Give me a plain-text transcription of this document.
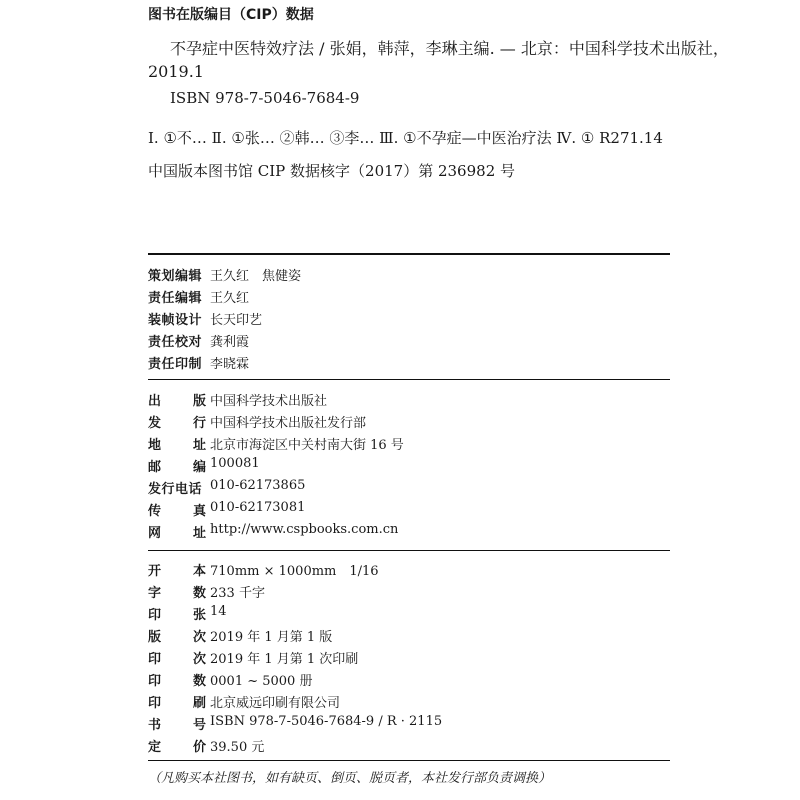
图书在版编目（CIP）数据
不孕症中医特效疗法 / 张娟，韩萍，李琳主编. — 北京：中国科学技术出版社，
2019.1
ISBN 978-7-5046-7684-9
Ⅰ. ①不… Ⅱ. ①张… ②韩… ③李… Ⅲ. ①不孕症—中医治疗法 Ⅳ. ① R271.14
中国版本图书馆 CIP 数据核字（2017）第 236982 号
策划编辑 王久红　焦健姿
责任编辑 王久红
装帧设计 长天印艺
责任校对 龚利霞
责任印制 李晓霖
出 版 中国科学技术出版社
发 行 中国科学技术出版社发行部
地 址 北京市海淀区中关村南大街 16 号
邮 编 100081
发行电话 010-62173865
传 真 010-62173081
网 址 http://www.cspbooks.com.cn
开 本 710mm × 1000mm　1/16
字 数 233 千字
印 张 14
版 次 2019 年 1 月第 1 版
印 次 2019 年 1 月第 1 次印刷
印 数 0001 ~ 5000 册
印 刷 北京威远印刷有限公司
书 号 ISBN 978-7-5046-7684-9 / R · 2115
定 价 39.50 元
（凡购买本社图书，如有缺页、倒页、脱页者，本社发行部负责调换）
